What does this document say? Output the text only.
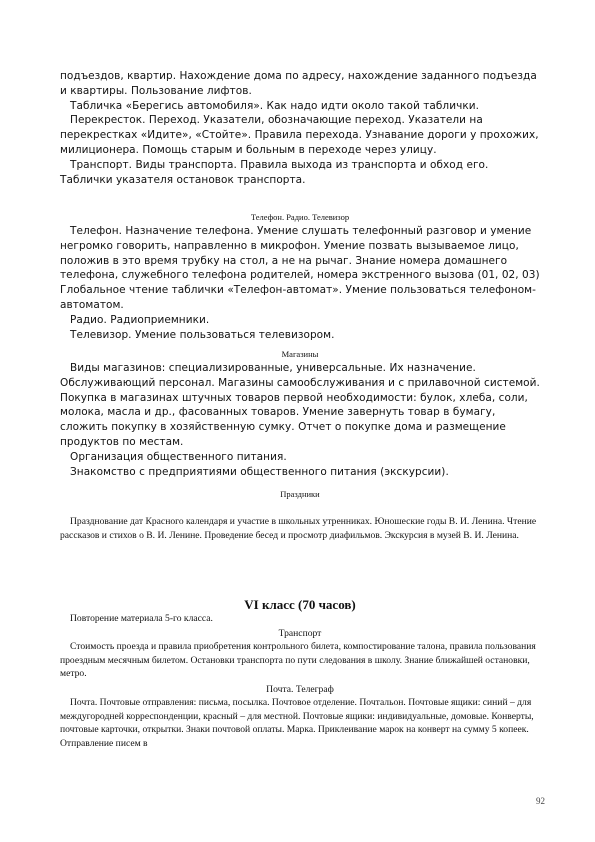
подъездов, квартир. Нахождение дома по адресу, нахождение заданного подъезда и квартиры. Пользование лифтов.

Табличка «Берегись автомобиля». Как надо идти около такой таблички.

Перекресток. Переход. Указатели, обозначающие переход. Указатели на перекрестках «Идите», «Стойте». Правила перехода. Узнавание дороги у прохожих, милиционера. Помощь старым и больным в переходе через улицу.

Транспорт. Виды транспорта. Правила выхода из транспорта и обход его. Таблички указателя остановок транспорта.

Телефон. Радио. Телевизор

Телефон. Назначение телефона. Умение слушать телефонный разговор и умение негромко говорить, направленно в микрофон. Умение позвать вызываемое лицо, положив в это время трубку на стол, а не на рычаг. Знание номера домашнего телефона, служебного телефона родителей, номера экстренного вызова (01, 02, 03) Глобальное чтение таблички «Телефон-автомат». Умение пользоваться телефоном-автоматом.

Радио. Радиоприемники.

Телевизор. Умение пользоваться телевизором.

Магазины

Виды магазинов: специализированные, универсальные. Их назначение. Обслуживающий персонал. Магазины самообслуживания и с прилавочной системой. Покупка в магазинах штучных товаров первой необходимости: булок, хлеба, соли, молока, масла и др., фасованных товаров. Умение завернуть товар в бумагу, сложить покупку в хозяйственную сумку. Отчет о покупке дома и размещение продуктов по местам.

Организация общественного питания.

Знакомство с предприятиями общественного питания (экскурсии).

Праздники

Празднование дат Красного календаря и участие в школьных утренниках. Юношеские годы В. И. Ленина. Чтение рассказов и стихов о В. И. Ленине. Проведение бесед и просмотр диафильмов. Экскурсия в музей В. И. Ленина.

VI класс (70 часов)

Повторение материала 5-го класса.

Транспорт

Стоимость проезда и правила приобретения контрольного билета, компостирование талона, правила пользования проездным месячным билетом. Остановки транспорта по пути следования в школу. Знание ближайшей остановки, метро.

Почта. Телеграф

Почта. Почтовые отправления: письма, посылка. Почтовое отделение. Почтальон. Почтовые ящики: синий – для междугородней корреспонденции, красный – для местной. Почтовые ящики: индивидуальные, домовые. Конверты, почтовые карточки, открытки. Знаки почтовой оплаты. Марка. Приклеивание марок на конверт на сумму 5 копеек. Отправление писем в

92
